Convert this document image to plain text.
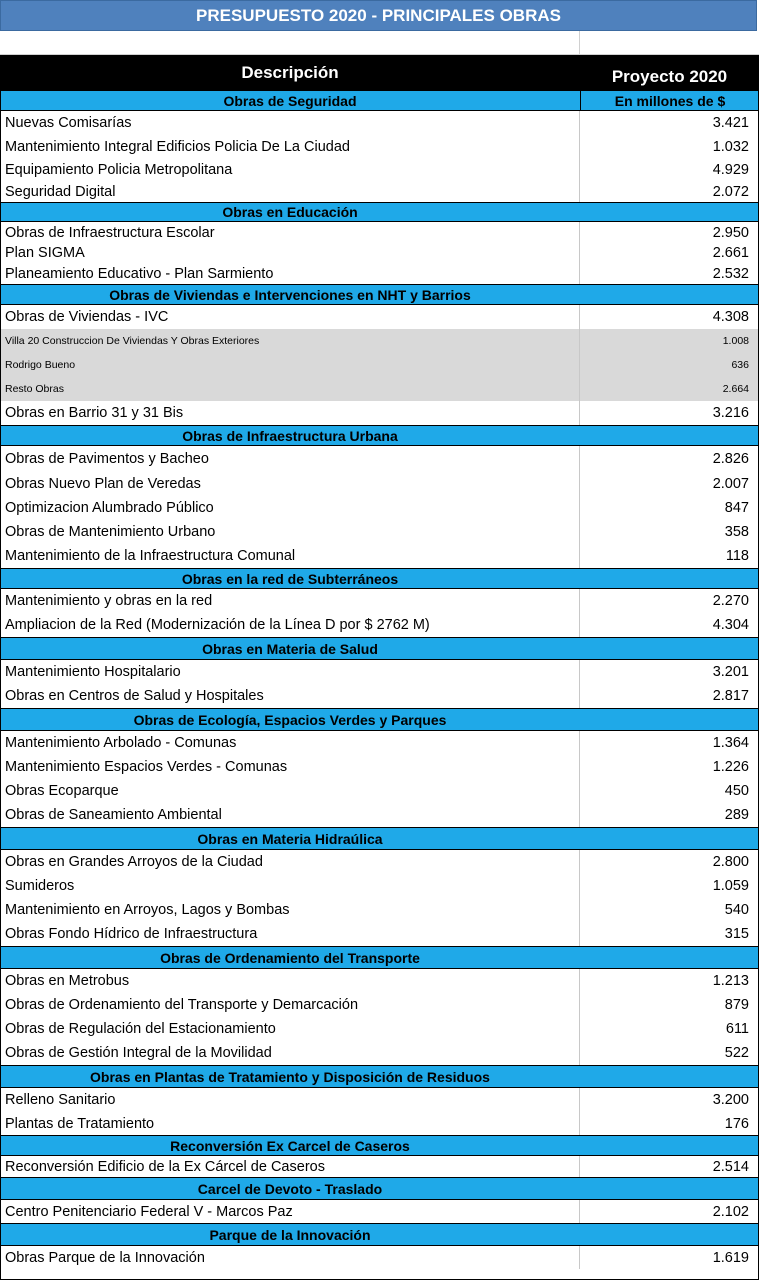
PRESUPUESTO 2020 - PRINCIPALES OBRAS
Descripción	Proyecto 2020
Obras de Seguridad	En millones de $
Nuevas Comisarías	3.421
Mantenimiento Integral Edificios Policia De La Ciudad	1.032
Equipamiento Policia Metropolitana	4.929
Seguridad Digital	2.072
Obras en Educación
Obras de Infraestructura Escolar	2.950
Plan SIGMA	2.661
Planeamiento Educativo - Plan Sarmiento	2.532
Obras de Viviendas e Intervenciones en NHT y Barrios
Obras de Viviendas - IVC	4.308
Villa 20 Construccion De Viviendas Y Obras Exteriores	1.008
Rodrigo Bueno	636
Resto Obras	2.664
Obras en Barrio 31 y 31 Bis	3.216
Obras de Infraestructura Urbana
Obras de Pavimentos y Bacheo	2.826
Obras Nuevo Plan de Veredas	2.007
Optimizacion Alumbrado Público	847
Obras de Mantenimiento Urbano	358
Mantenimiento de la Infraestructura Comunal	118
Obras en la red de Subterráneos
Mantenimiento y obras en la red	2.270
Ampliacion de la Red (Modernización de la Línea D por $ 2762 M)	4.304
Obras en Materia de Salud
Mantenimiento Hospitalario	3.201
Obras en Centros de Salud y Hospitales	2.817
Obras de Ecología, Espacios Verdes y Parques
Mantenimiento Arbolado - Comunas	1.364
Mantenimiento Espacios Verdes - Comunas	1.226
Obras Ecoparque	450
Obras de Saneamiento Ambiental	289
Obras en Materia Hidraúlica
Obras en Grandes Arroyos de la Ciudad	2.800
Sumideros	1.059
Mantenimiento en Arroyos, Lagos y Bombas	540
Obras Fondo Hídrico de Infraestructura	315
Obras de Ordenamiento del Transporte
Obras en Metrobus	1.213
Obras de Ordenamiento del Transporte y Demarcación	879
Obras de Regulación del Estacionamiento	611
Obras de Gestión Integral de la Movilidad	522
Obras en Plantas de Tratamiento y Disposición de Residuos
Relleno Sanitario	3.200
Plantas de Tratamiento	176
Reconversión Ex Carcel de Caseros
Reconversión Edificio de la Ex Cárcel de Caseros	2.514
Carcel de Devoto - Traslado
Centro Penitenciario Federal V - Marcos Paz	2.102
Parque de la Innovación
Obras Parque de la Innovación	1.619
